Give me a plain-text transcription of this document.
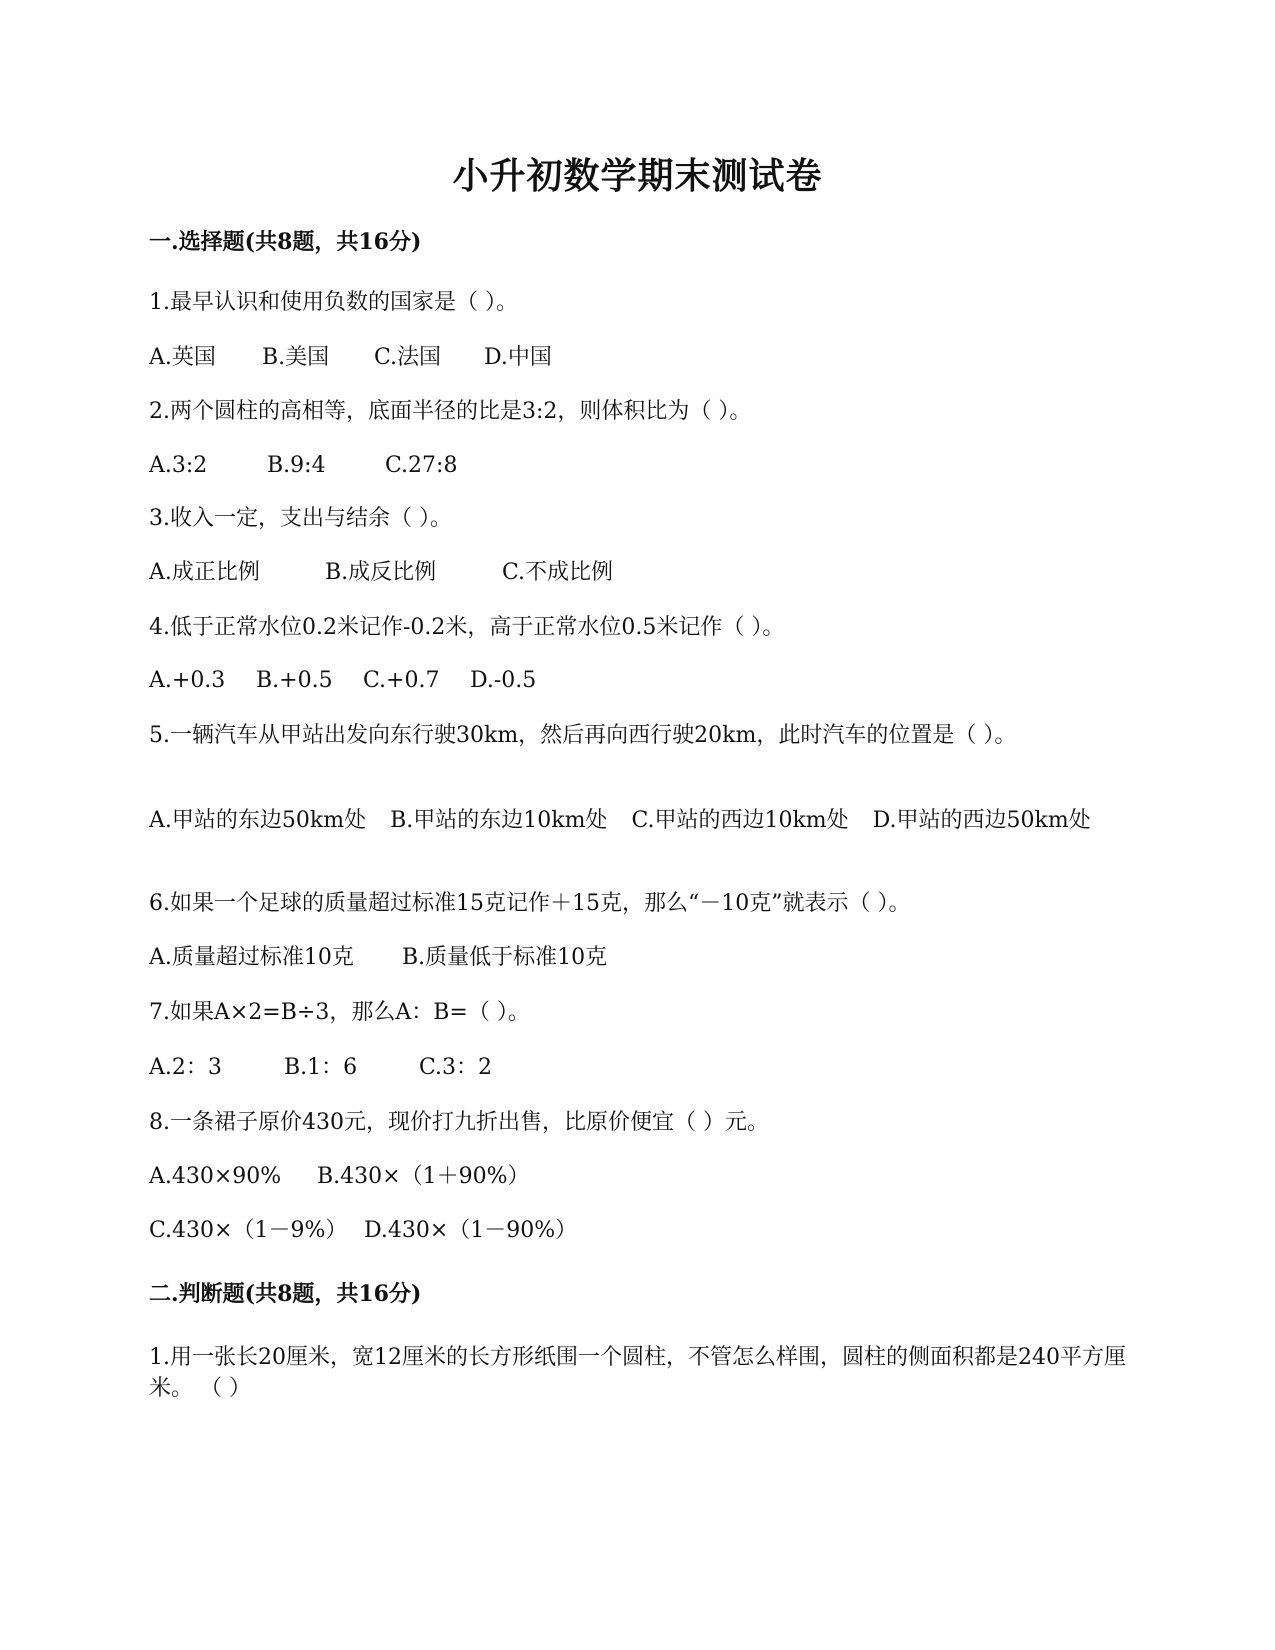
小升初数学期末测试卷
一.选择题(共8题，共16分)
1.最早认识和使用负数的国家是（ ）。
A.英国 B.美国 C.法国 D.中国
2.两个圆柱的高相等，底面半径的比是3:2，则体积比为（ ）。
A.3:2	B.9:4	C.27:8
3.收入一定，支出与结余（ ）。
A.成正比例	B.成反比例	C.不成比例
4.低于正常水位0.2米记作-0.2米，高于正常水位0.5米记作（ ）。
A.+0.3 B.+0.5 C.+0.7 D.-0.5
5.一辆汽车从甲站出发向东行驶30km，然后再向西行驶20km，此时汽车的位置是（ ）。
A.甲站的东边50km处 B.甲站的东边10km处 C.甲站的西边10km处 D.甲站的西边50km处
6.如果一个足球的质量超过标准15克记作＋15克，那么“－10克”就表示（ ）。
A.质量超过标准10克 B.质量低于标准10克
7.如果A×2=B÷3，那么A：B=（ ）。
A.2：3	B.1：6	C.3：2
8.一条裙子原价430元，现价打九折出售，比原价便宜（ ）元。
A.430×90% B.430×（1＋90%）
C.430×（1－9%） D.430×（1－90%）
二.判断题(共8题，共16分)
1.用一张长20厘米，宽12厘米的长方形纸围一个圆柱，不管怎么样围，圆柱的侧面积都是240平方厘米。 （ ）
